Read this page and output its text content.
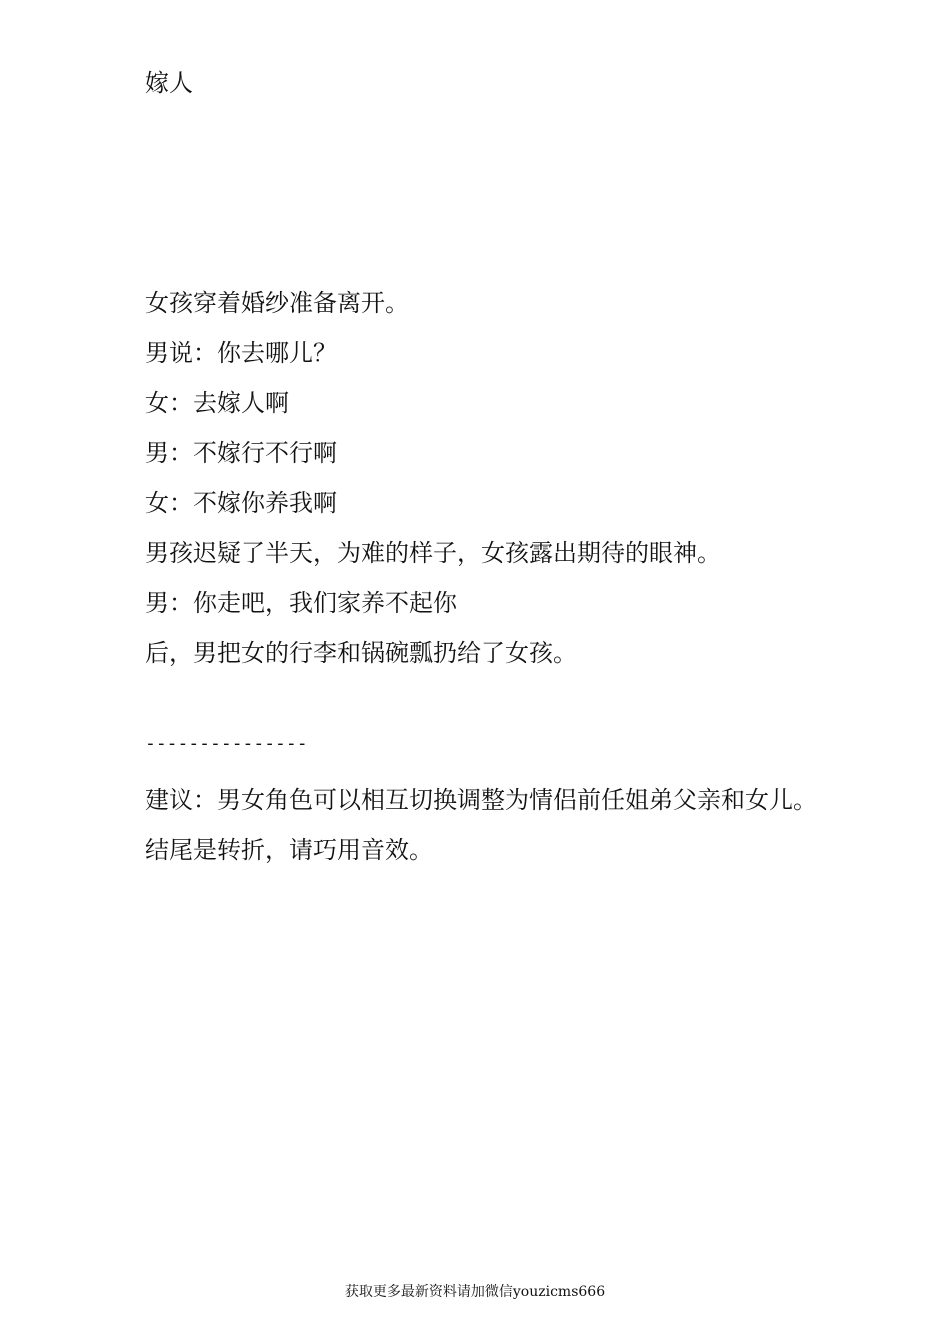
嫁人
女孩穿着婚纱准备离开。
男说：你去哪儿？
女：去嫁人啊
男：不嫁行不行啊
女：不嫁你养我啊
男孩迟疑了半天，为难的样子，女孩露出期待的眼神。
男：你走吧，我们家养不起你
后，男把女的行李和锅碗瓢扔给了女孩。
---------------

建议：男女角色可以相互切换调整为情侣前任姐弟父亲和女儿。结尾是转折，请巧用音效。

获取更多最新资料请加微信youzicms666
